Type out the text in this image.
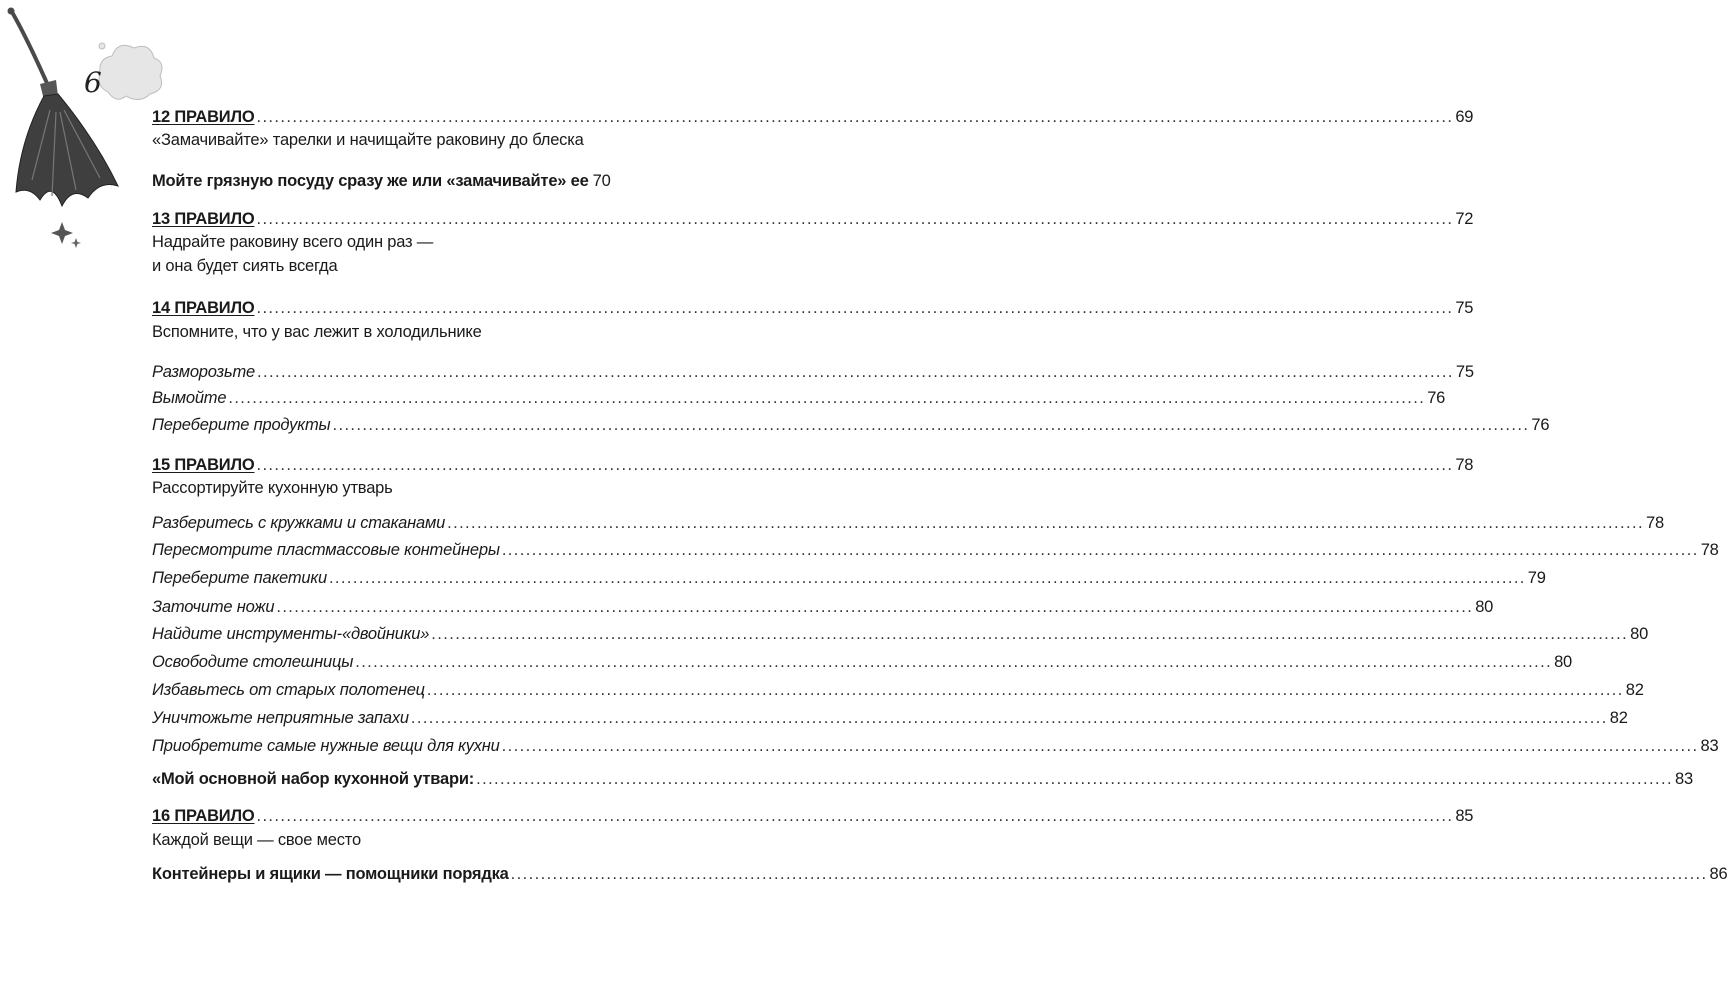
6
12 ПРАВИЛО ........................................................................................................................................................................................................ 69
«Замачивайте» тарелки и начищайте раковину до блеска
Мойте грязную посуду сразу же или «замачивайте» ее 70
13 ПРАВИЛО ........................................................................................................................................................................................................ 72
Надрайте раковину всего один раз —
и она будет сиять всегда
14 ПРАВИЛО ........................................................................................................................................................................................................ 75
Вспомните, что у вас лежит в холодильнике
Разморозьте ........................................................................................................................................................................................................ 75
Вымойте ........................................................................................................................................................................................................ 76
Переберите продукты ........................................................................................................................................................................................................ 76
15 ПРАВИЛО ........................................................................................................................................................................................................ 78
Рассортируйте кухонную утварь
Разберитесь с кружками и стаканами ........................................................................................................................................................................................................ 78
Пересмотрите пластмассовые контейнеры ........................................................................................................................................................................................................ 78
Переберите пакетики ........................................................................................................................................................................................................ 79
Заточите ножи ........................................................................................................................................................................................................ 80
Найдите инструменты-«двойники» ........................................................................................................................................................................................................ 80
Освободите столешницы ........................................................................................................................................................................................................ 80
Избавьтесь от старых полотенец ........................................................................................................................................................................................................ 82
Уничтожьте неприятные запахи ........................................................................................................................................................................................................ 82
Приобретите самые нужные вещи для кухни ........................................................................................................................................................................................................ 83
«Мой основной набор кухонной утвари: ........................................................................................................................................................................................................ 83
16 ПРАВИЛО ........................................................................................................................................................................................................ 85
Каждой вещи — свое место
Контейнеры и ящики — помощники порядка ........................................................................................................................................................................................................ 86
